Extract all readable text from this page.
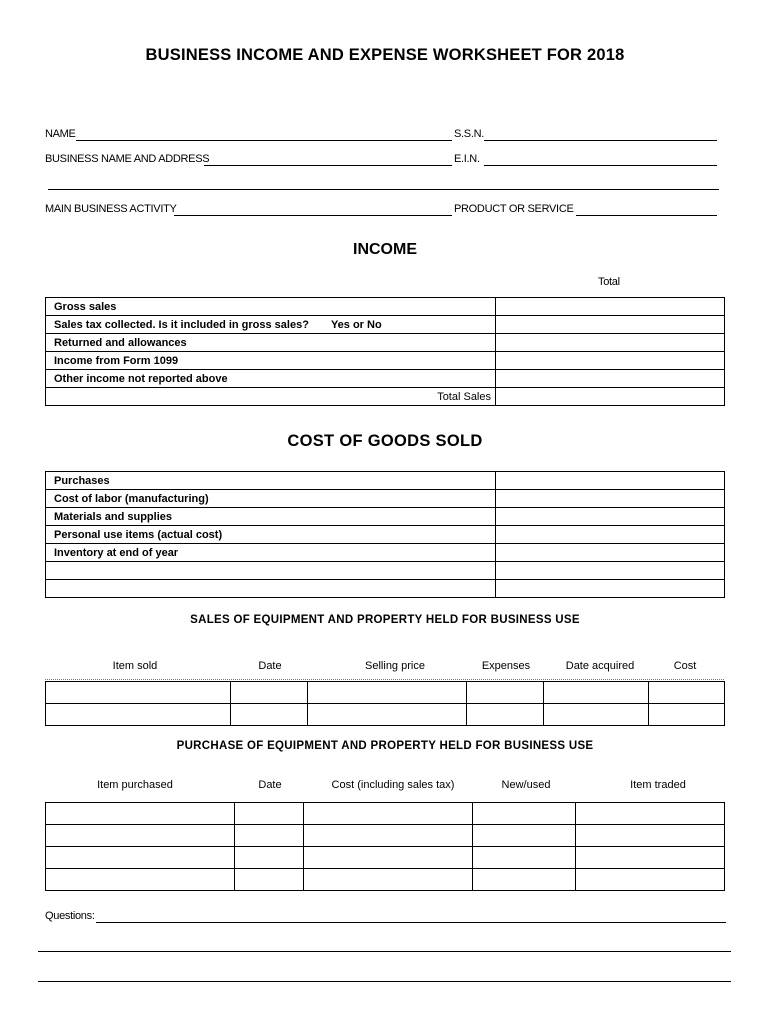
BUSINESS INCOME AND EXPENSE WORKSHEET FOR 2018
NAME	S.S.N.
BUSINESS NAME AND ADDRESS	E.I.N.
MAIN BUSINESS ACTIVITY	PRODUCT OR SERVICE
INCOME
Total
Gross sales	
Sales tax collected. Is it included in gross sales? Yes or No	
Returned and allowances	
Income from Form 1099	
Other income not reported above	
Total Sales	
COST OF GOODS SOLD
Purchases	
Cost of labor (manufacturing)	
Materials and supplies	
Personal use items (actual cost)	
Inventory at end of year	

SALES OF EQUIPMENT AND PROPERTY HELD FOR BUSINESS USE
Item sold	Date	Selling price	Expenses	Date acquired	Cost

PURCHASE OF EQUIPMENT AND PROPERTY HELD FOR BUSINESS USE
Item purchased	Date	Cost (including sales tax)	New/used	Item traded

Questions:
